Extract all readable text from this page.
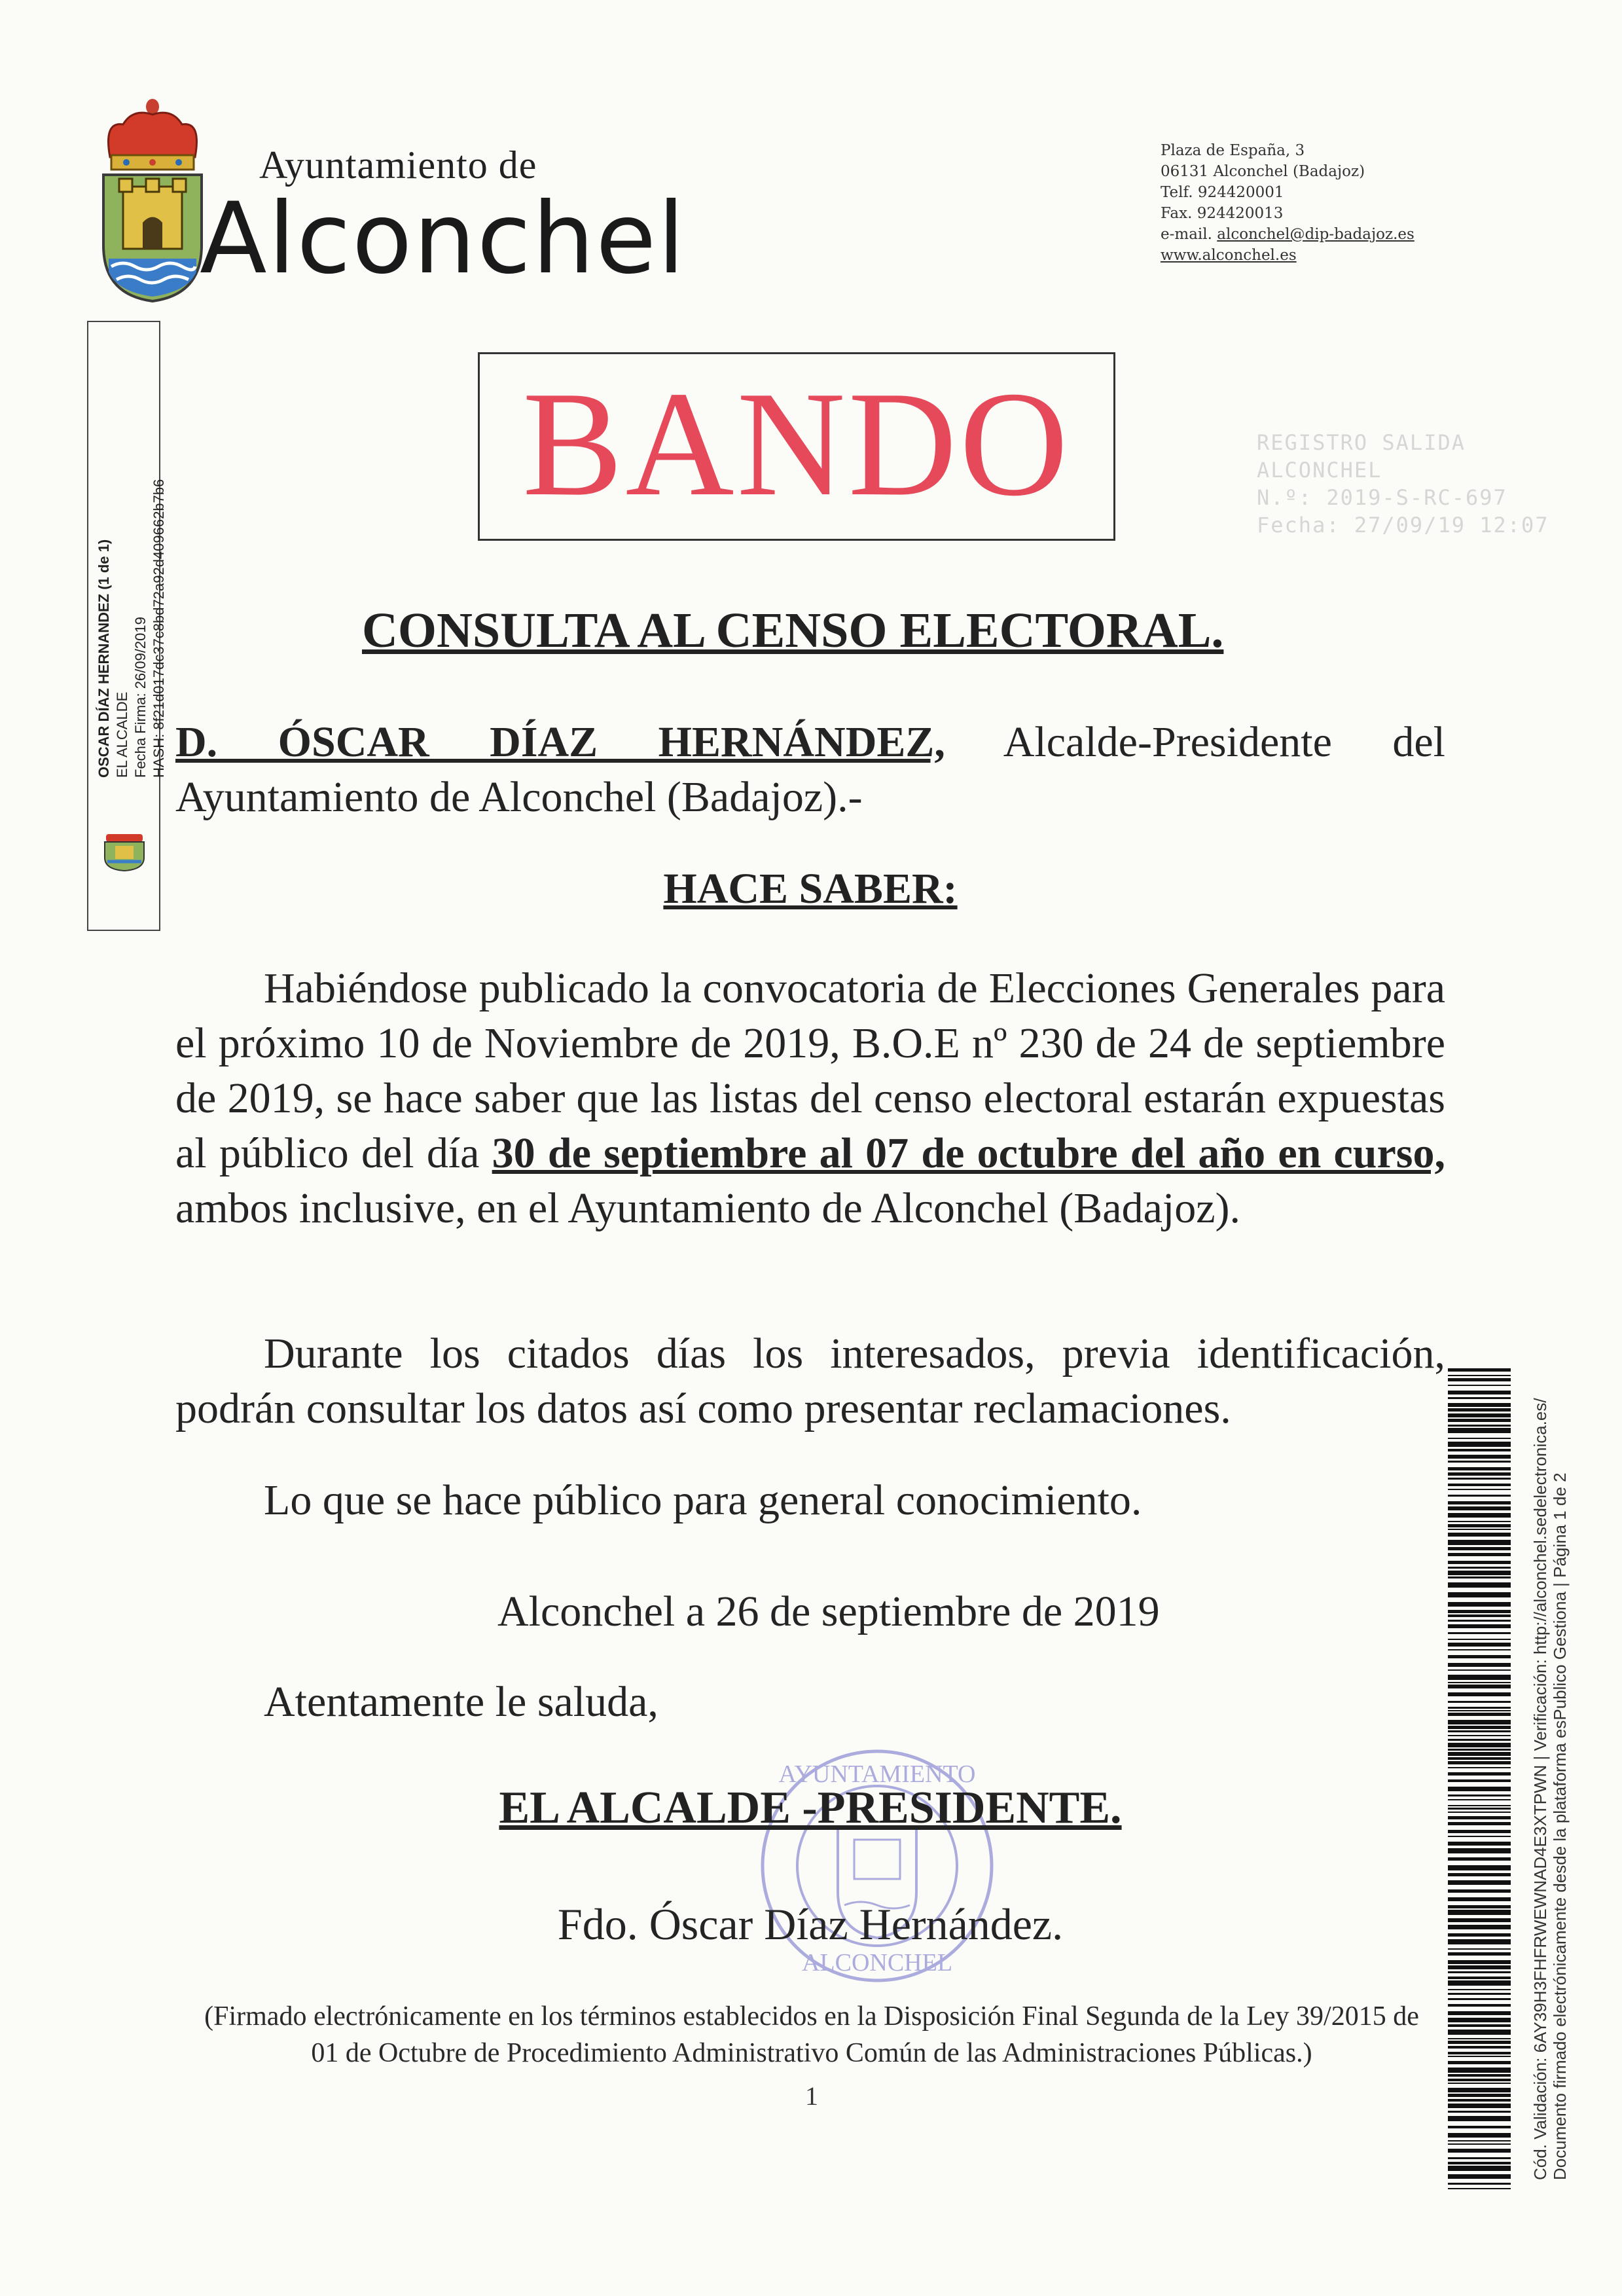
Ayuntamiento de
Alconchel
Plaza de España, 3
06131 Alconchel (Badajoz)
Telf. 924420001
Fax. 924420013
e-mail. alconchel@dip-badajoz.es
www.alconchel.es
OSCAR DÍAZ HERNANDEZ (1 de 1) EL ALCALDE Fecha Firma: 26/09/2019 HASH: 8f21d017dc37c8bd72a92d409662b7b6
BANDO	REGISTRO SALIDA
ALCONCHEL
N.º: 2019-S-RC-697
Fecha: 27/09/19 12:07
CONSULTA AL CENSO ELECTORAL.
D. ÓSCAR DÍAZ HERNÁNDEZ, Alcalde-Presidente del Ayuntamiento de Alconchel (Badajoz).-
HACE SABER:
Habiéndose publicado la convocatoria de Elecciones Generales para el próximo 10 de Noviembre de 2019, B.O.E nº 230 de 24 de septiembre de 2019, se hace saber que las listas del censo electoral estarán expuestas al público del día 30 de septiembre al 07 de octubre del año en curso, ambos inclusive, en el Ayuntamiento de Alconchel (Badajoz).
Durante los citados días los interesados, previa identificación, podrán consultar los datos así como presentar reclamaciones.
Lo que se hace público para general conocimiento.
Alconchel a 26 de septiembre de 2019
Atentamente le saluda,
AYUNTAMIENTO
ALCONCHEL
EL ALCALDE -PRESIDENTE.
Fdo. Óscar Díaz Hernández.
(Firmado electrónicamente en los términos establecidos en la Disposición Final Segunda de la Ley 39/2015 de
01 de Octubre de Procedimiento Administrativo Común de las Administraciones Públicas.)
1	Cód. Validación: 6AY39H3FHFRWEWNAD4E3XTPWN | Verificación: http://alconchel.sedelectronica.es/ Documento firmado electrónicamente desde la plataforma esPublico Gestiona | Página 1 de 2
